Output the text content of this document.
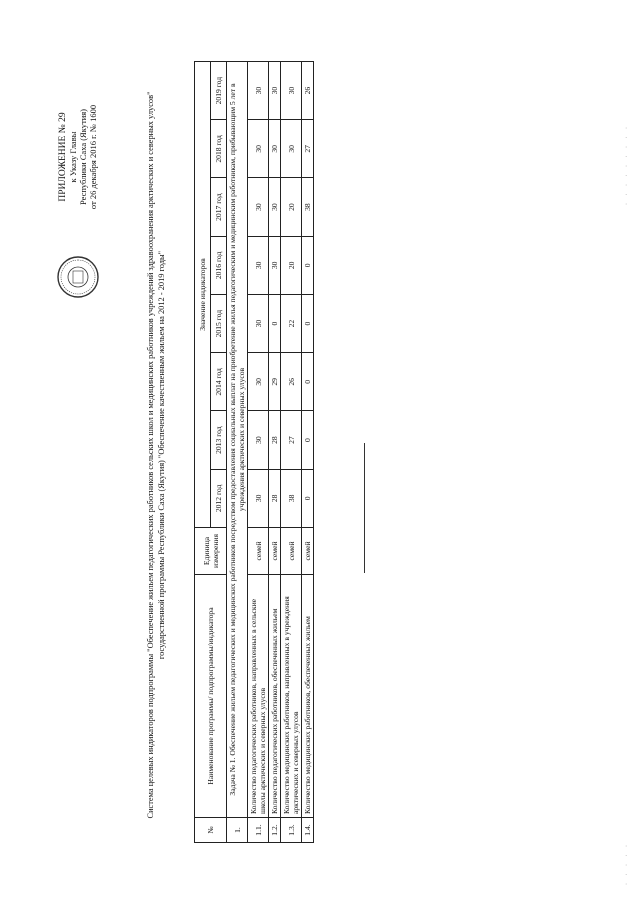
ПРИЛОЖЕНИЕ № 29 к Указу Главы Республики Саха (Якутия) от 26 декабря 2016 г. № 1600	Система целевых индикаторов подпрограммы "Обеспечение жильем педагогических работников сельских школ и медицинских работников учреждений здравоохранения арктических и северных улусов" государственной программы Республики Саха (Якутия) "Обеспечение качественным жильем на 2012 - 2019 годы"
№	Наименование программы/ подпрограммы/индикатора	Единица измерения	Значение индикаторов							
			2012 год	2013 год	2014 год	2015 год	2016 год	2017 год	2018 год	2019 год
1.	Задача № 1. Обеспечение жильем педагогических и медицинских работников посредством предоставления социальных выплат на приобретение жилья педагогическим и медицинским работникам, прибывающим 5 лет в учреждения арктических и северных улусов									
1.1.	Количество педагогических работников, направленных в сельские школы арктических и северных улусов	семей	30	30	30	30	30	30	30	30
1.2.	Количество педагогических работников, обеспеченных жильем	семей	28	28	29	0	30	30	30	30
1.3.	Количество медицинских работников, направленных в учреждения арктических и северных улусов	семей	38	27	26	22	20	20	30	30
1.4.	Количество медицинских работников, обеспеченных жильем	семей	0	0	0	0	0	38	27	26
· · · · ·
· · · · · · · · ·
